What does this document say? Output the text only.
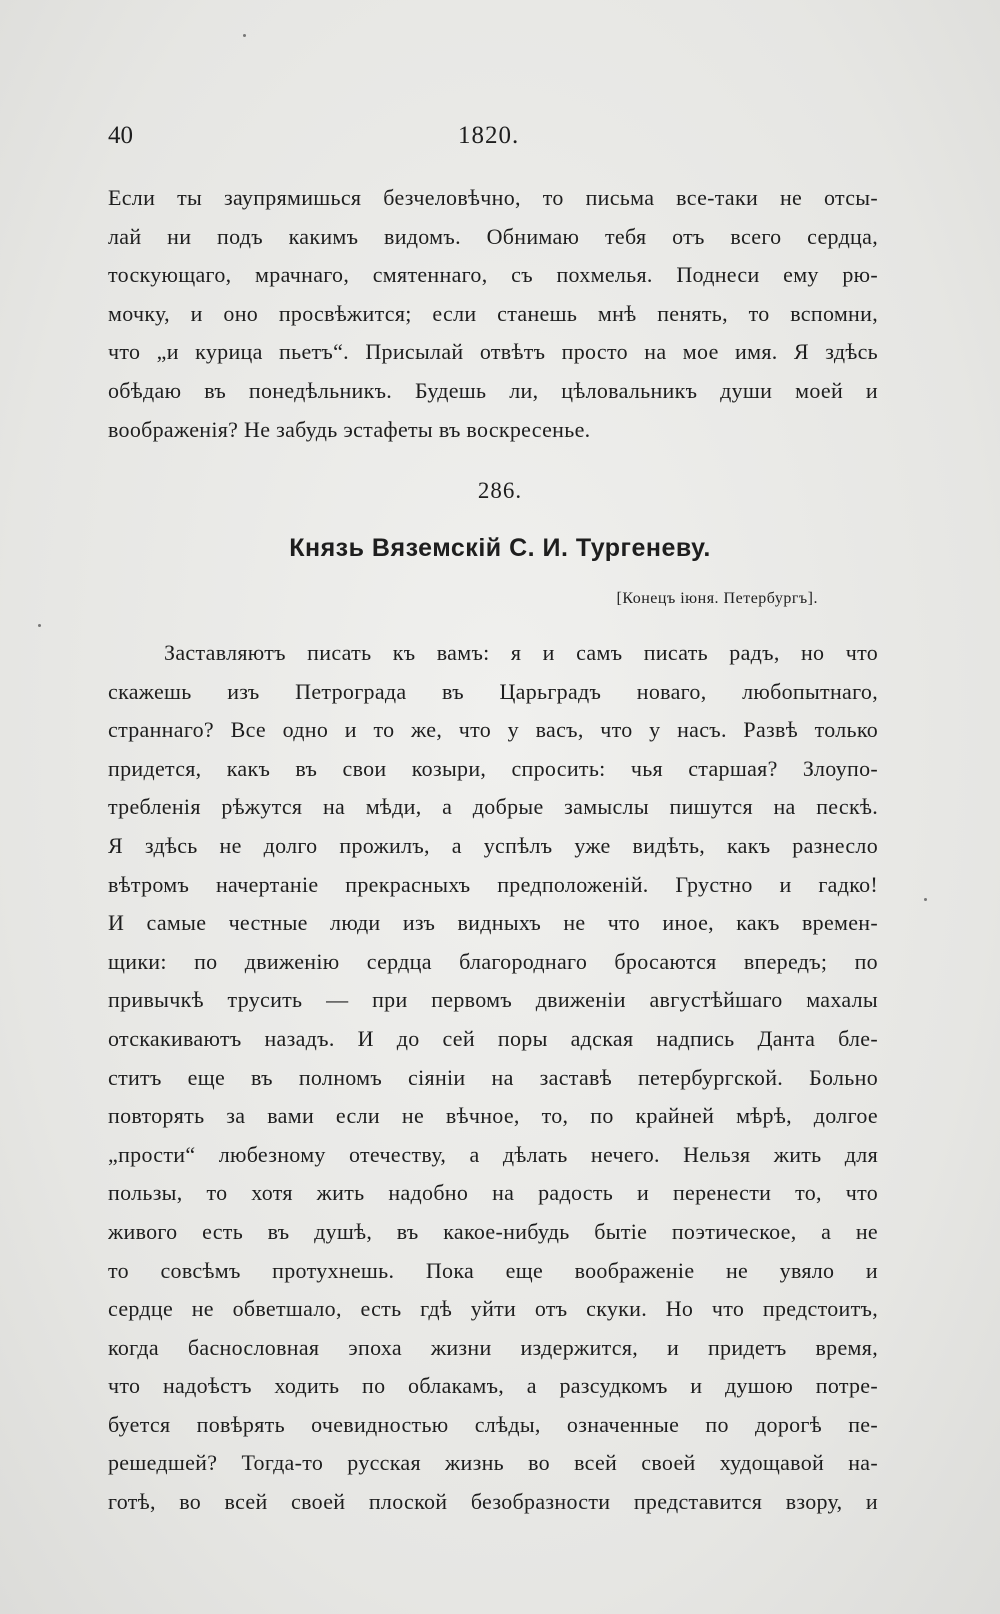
40	1820.
Если ты заупрямишься безчеловѣчно, то письма все-таки не отсы-
лай ни подъ какимъ видомъ. Обнимаю тебя отъ всего сердца,
тоскующаго, мрачнаго, смятеннаго, съ похмелья. Поднеси ему рю-
мочку, и оно просвѣжится; если станешь мнѣ пенять, то вспомни,
что „и курица пьетъ“. Присылай отвѣтъ просто на мое имя. Я здѣсь
обѣдаю въ понедѣльникъ. Будешь ли, цѣловальникъ души моей и
воображенія? Не забудь эстафеты въ воскресенье.
286.
Князь Вяземскій С. И. Тургеневу.
[Конецъ іюня. Петербургъ].
Заставляютъ писать къ вамъ: я и самъ писать радъ, но что
скажешь изъ Петрограда въ Царьградъ новаго, любопытнаго,
страннаго? Все одно и то же, что у васъ, что у насъ. Развѣ только
придется, какъ въ свои козыри, спросить: чья старшая? Злоупо-
требленія рѣжутся на мѣди, а добрые замыслы пишутся на пескѣ.
Я здѣсь не долго прожилъ, а успѣлъ уже видѣть, какъ разнесло
вѣтромъ начертаніе прекрасныхъ предположеній. Грустно и гадко!
И самые честные люди изъ видныхъ не что иное, какъ времен-
щики: по движенію сердца благороднаго бросаются впередъ; по
привычкѣ трусить — при первомъ движеніи августѣйшаго махалы
отскакиваютъ назадъ. И до сей поры адская надпись Данта бле-
ститъ еще въ полномъ сіяніи на заставѣ петербургской. Больно
повторять за вами если не вѣчное, то, по крайней мѣрѣ, долгое
„прости“ любезному отечеству, а дѣлать нечего. Нельзя жить для
пользы, то хотя жить надобно на радость и перенести то, что
живого есть въ душѣ, въ какое-нибудь бытіе поэтическое, а не
то совсѣмъ протухнешь. Пока еще воображеніе не увяло и
сердце не обветшало, есть гдѣ уйти отъ скуки. Но что предстоитъ,
когда баснословная эпоха жизни издержится, и придетъ время,
что надоѣстъ ходить по облакамъ, а разсудкомъ и душою потре-
буется повѣрять очевидностью слѣды, означенные по дорогѣ пе-
решедшей? Тогда-то русская жизнь во всей своей худощавой на-
готѣ, во всей своей плоской безобразности представится взору, и
